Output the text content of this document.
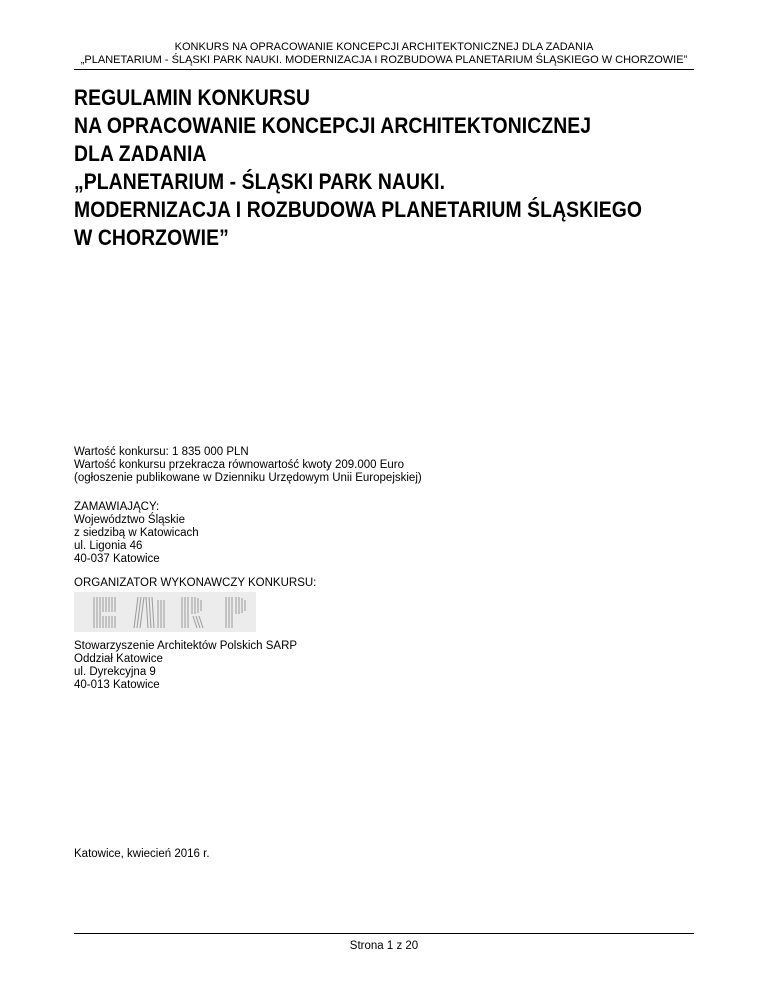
KONKURS NA OPRACOWANIE KONCEPCJI ARCHITEKTONICZNEJ DLA ZADANIA
„PLANETARIUM - ŚLĄSKI PARK NAUKI. MODERNIZACJA I ROZBUDOWA PLANETARIUM ŚLĄSKIEGO W CHORZOWIE”
REGULAMIN KONKURSU
NA OPRACOWANIE KONCEPCJI ARCHITEKTONICZNEJ
DLA ZADANIA
„PLANETARIUM - ŚLĄSKI PARK NAUKI.
MODERNIZACJA I ROZBUDOWA PLANETARIUM ŚLĄSKIEGO
W CHORZOWIE”
Wartość konkursu: 1 835 000 PLN
Wartość konkursu przekracza równowartość kwoty 209.000 Euro
(ogłoszenie publikowane w Dzienniku Urzędowym Unii Europejskiej)
ZAMAWIAJĄCY:
Województwo Śląskie
z siedzibą w Katowicach
ul. Ligonia 46
40-037 Katowice
ORGANIZATOR WYKONAWCZY KONKURSU:
Stowarzyszenie Architektów Polskich SARP
Oddział Katowice
ul. Dyrekcyjna 9
40-013 Katowice
Katowice, kwiecień 2016 r.
Strona 1 z 20
